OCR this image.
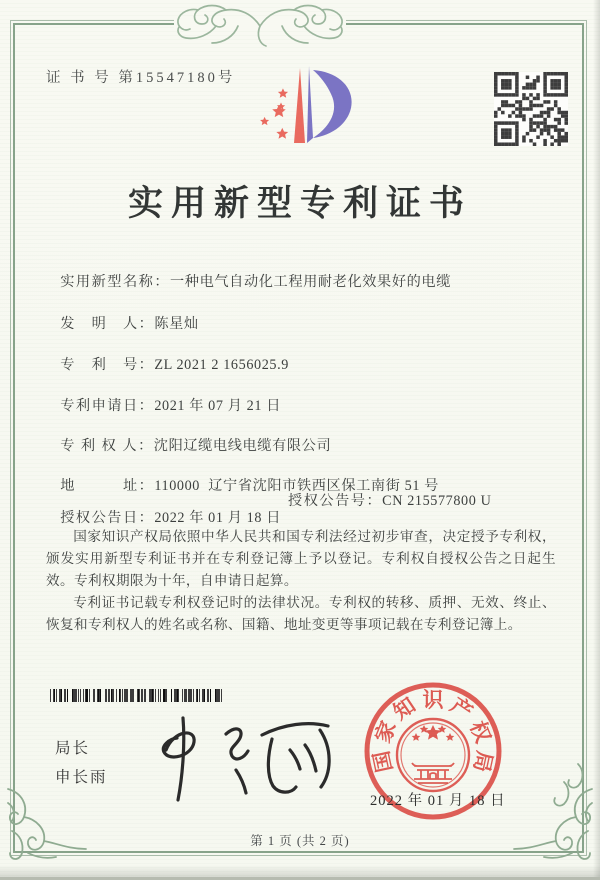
证 书 号 第15547180号
实用新型专利证书

实用新型名称：一种电气自动化工程用耐老化效果好的电缆

发　明　人：陈星灿

专　利　号：ZL 2021 2 1656025.9

专利申请日：2021 年 07 月 21 日

专 利 权 人：沈阳辽缆电线电缆有限公司

地　　　址：110000  辽宁省沈阳市铁西区保工南街 51 号

授权公告日：2022 年 01 月 18 日

授权公告号：CN 215577800 U

国家知识产权局依照中华人民共和国专利法经过初步审查，决定授予专利权，颁发实用新型专利证书并在专利登记簿上予以登记。专利权自授权公告之日起生效。专利权期限为十年，自申请日起算。

专利证书记载专利权登记时的法律状况。专利权的转移、质押、无效、终止、恢复和专利权人的姓名或名称、国籍、地址变更等事项记载在专利登记簿上。

局长
申长雨
国
家
知 识 产
权
局
2022 年 01 月 18 日
第 1 页 (共 2 页)
